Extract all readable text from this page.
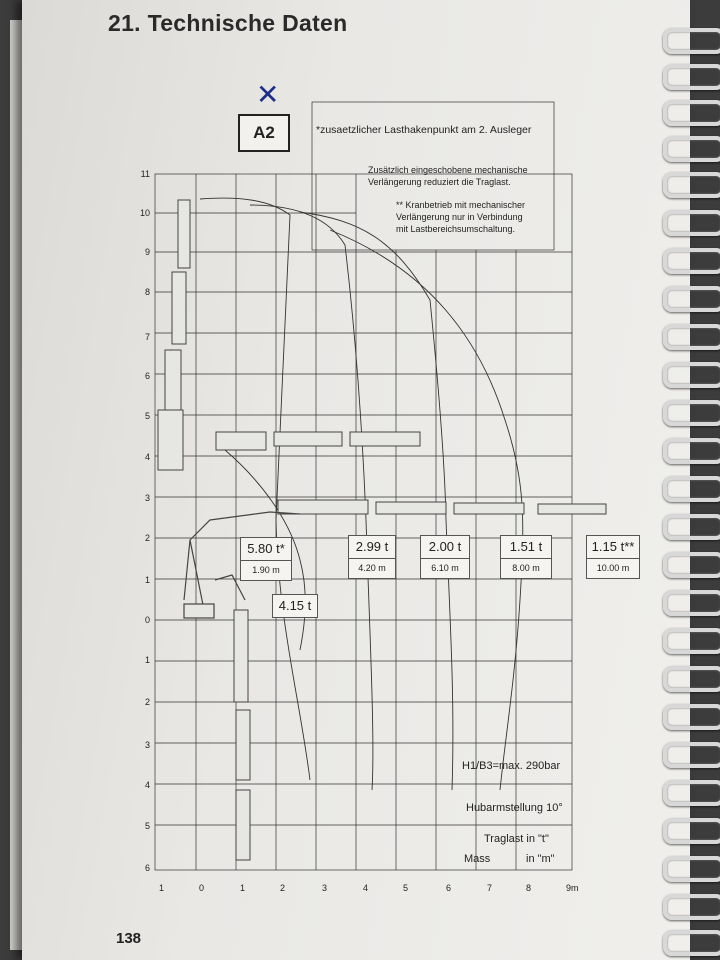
21. Technische Daten
✕
A2	*zusaetzlicher Lasthakenpunkt am 2. Ausleger
Zusätzlich eingeschobene mechanische
Verlängerung reduziert die Traglast.
** Kranbetrieb mit mechanischer
Verlängerung nur in Verbindung
mit Lastbereichsumschaltung.
11
10
9
8
7
6
5
4
3
2
1
0
1
2
3
4
5
6
1	0	1	2	3	4	5	6	7	8	9m
5.80 t*
1.90 m
2.99 t
4.20 m
2.00 t
6.10 m
1.51 t
8.00 m
1.15 t**
10.00 m
4.15 t
H1/B3=max. 290bar
Hubarmstellung 10°
Traglast in "t"
Mass	in "m"
138
